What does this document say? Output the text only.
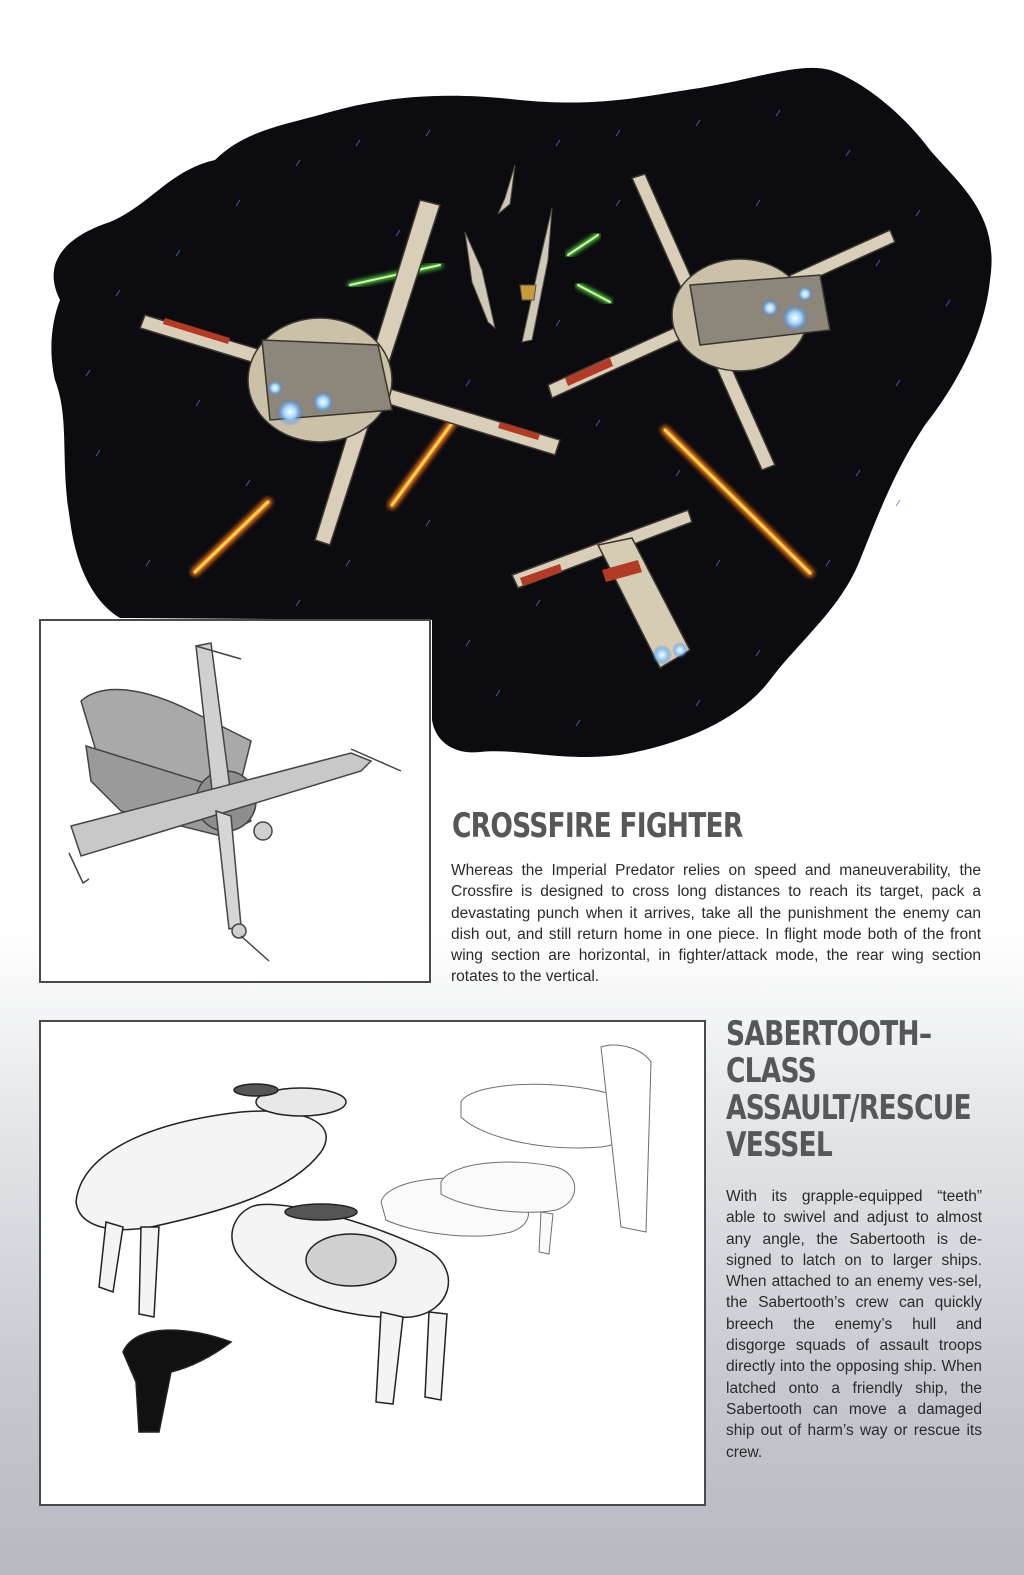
CROSSFIRE FIGHTER

Whereas the Imperial Predator relies on speed and maneuverability, the Crossfire is designed to cross long distances to reach its target, pack a devastating punch when it arrives, take all the punishment the enemy can dish out, and still return home in one piece. In flight mode both of the front wing section are horizontal, in fighter/attack mode, the rear wing section rotates to the vertical.

SABERTOOTH–
CLASS
ASSAULT/RESCUE
VESSEL

With its grapple-equipped “teeth” able to swivel and adjust to almost any angle, the Sabertooth is de-signed to latch on to larger ships. When attached to an enemy ves-sel, the Sabertooth’s crew can quickly breech the enemy’s hull and disgorge squads of assault troops directly into the opposing ship. When latched onto a friendly ship, the Sabertooth can move a damaged ship out of harm’s way or rescue its crew.
